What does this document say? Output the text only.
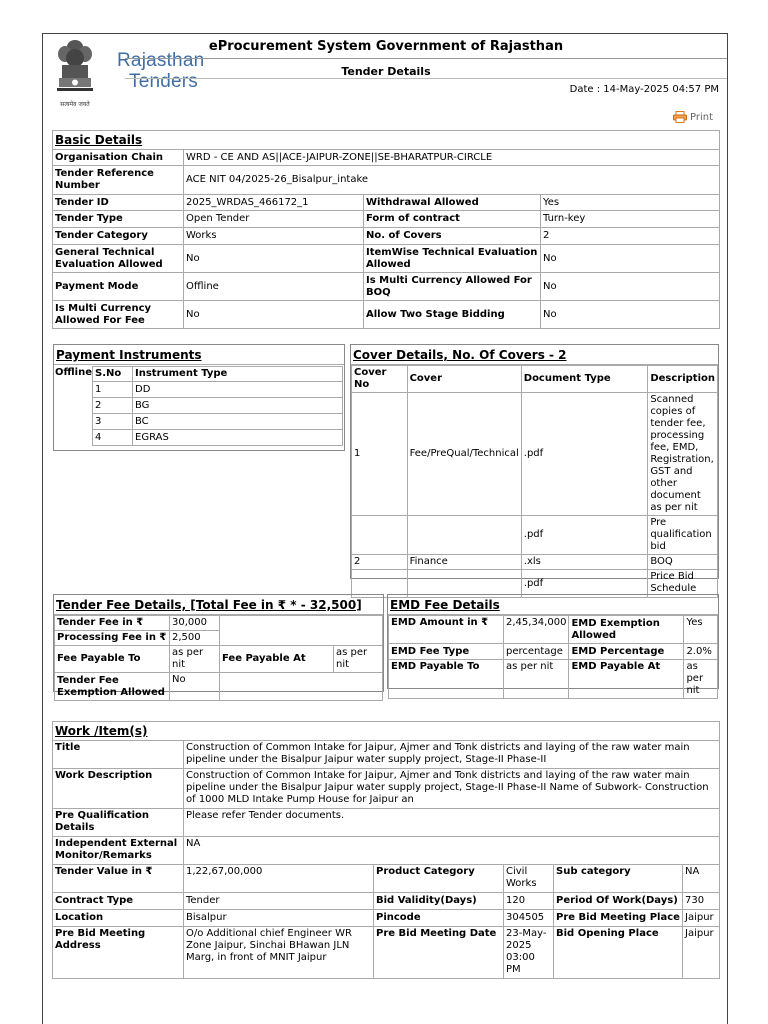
सत्यमेव जयते
Rajasthan
Tenders
eProcurement System Government of Rajasthan
Tender Details
Date : 14-May-2025 04:57 PM
Print
Basic Details			
Organisation Chain	WRD - CE AND AS||ACE-JAIPUR-ZONE||SE-BHARATPUR-CIRCLE		
Tender Reference Number	ACE NIT 04/2025-26_Bisalpur_intake		
Tender ID	2025_WRDAS_466172_1	Withdrawal Allowed	Yes
Tender Type	Open Tender	Form of contract	Turn-key
Tender Category	Works	No. of Covers	2
General Technical Evaluation Allowed	No	ItemWise Technical Evaluation Allowed	No
Payment Mode	Offline	Is Multi Currency Allowed For BOQ	No
Is Multi Currency Allowed For Fee	No	Allow Two Stage Bidding	No
Payment Instruments
Offline S.No	Instrument Type
1	DD
2	BG
3	BC
4	EGRAS
Cover Details, No. Of Covers - 2
Cover No	Cover	Document Type	Description
1	Fee/PreQual/Technical	.pdf	Scanned copies of tender fee, processing fee, EMD, Registration, GST and other document as per nit
		.pdf	Pre qualification bid
2	Finance	.xls	BOQ
		.pdf	Price Bid Schedule
Tender Fee Details, [Total Fee in ₹ * - 32,500]
Tender Fee in ₹	30,000		
Processing Fee in ₹	2,500		
Fee Payable To	as per nit	Fee Payable At	as per nit
Tender Fee Exemption Allowed	No		
EMD Fee Details
EMD Amount in ₹	2,45,34,000	EMD Exemption Allowed	Yes
EMD Fee Type	percentage	EMD Percentage	2.0%
EMD Payable To	as per nit	EMD Payable At	as per nit
Work /Item(s)					
Title	Construction of Common Intake for Jaipur, Ajmer and Tonk districts and laying of the raw water main pipeline under the Bisalpur Jaipur water supply project, Stage-II Phase-II				
Work Description	Construction of Common Intake for Jaipur, Ajmer and Tonk districts and laying of the raw water main pipeline under the Bisalpur Jaipur water supply project, Stage-II Phase-II Name of Subwork- Construction of 1000 MLD Intake Pump House for Jaipur an				
Pre Qualification Details	Please refer Tender documents.				
Independent External Monitor/Remarks	NA				
Tender Value in ₹	1,22,67,00,000	Product Category	Civil Works	Sub category	NA
Contract Type	Tender	Bid Validity(Days)	120	Period Of Work(Days)	730
Location	Bisalpur	Pincode	304505	Pre Bid Meeting Place	Jaipur
Pre Bid Meeting Address	O/o Additional chief Engineer WR Zone Jaipur, Sinchai BHawan JLN Marg, in front of MNIT Jaipur	Pre Bid Meeting Date	23-May-2025 03:00 PM	Bid Opening Place	Jaipur
